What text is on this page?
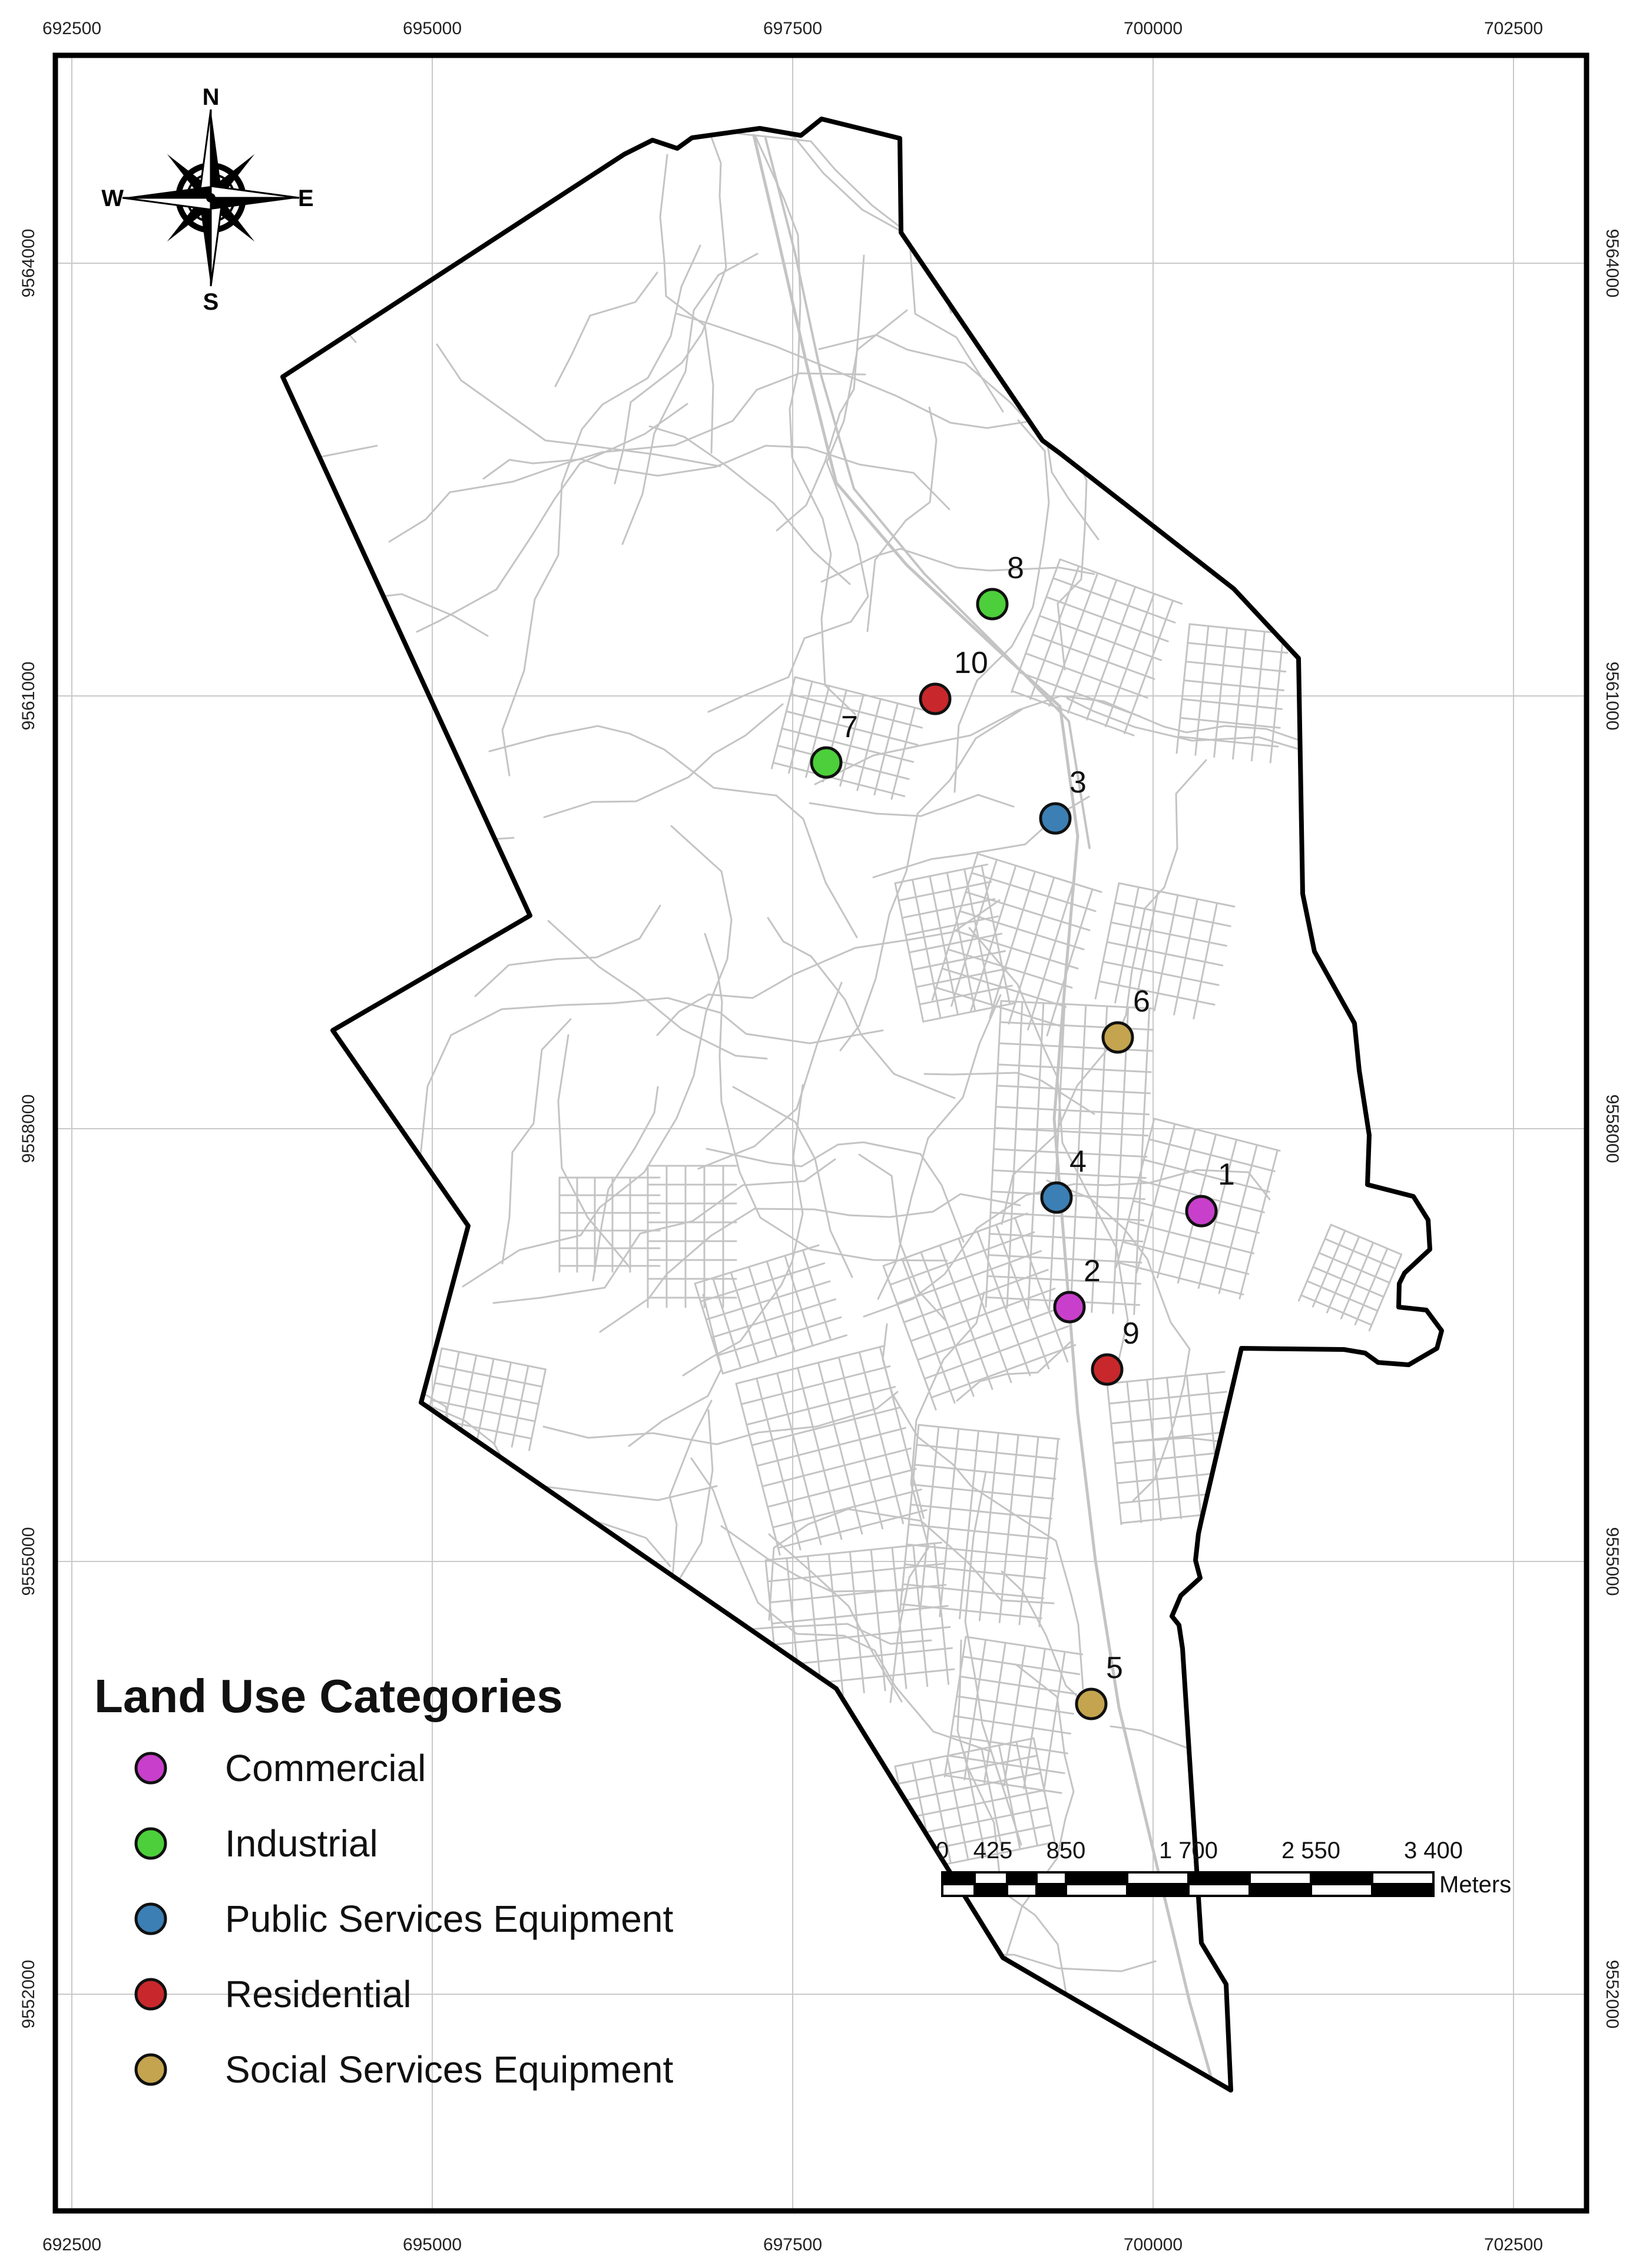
692500
692500
695000
695000
697500
697500
700000
700000
702500
702500
9564000	9564000
9561000	9561000
9558000	9558000
9555000	9555000
9552000	9552000
N
S
E
W
1
2
3
4
5
6
7
8
9
10
Land Use Categories
Commercial
Industrial
Public Services Equipment
Residential
Social Services Equipment
0 425 850	1 700	2 550	3 400
Meters
